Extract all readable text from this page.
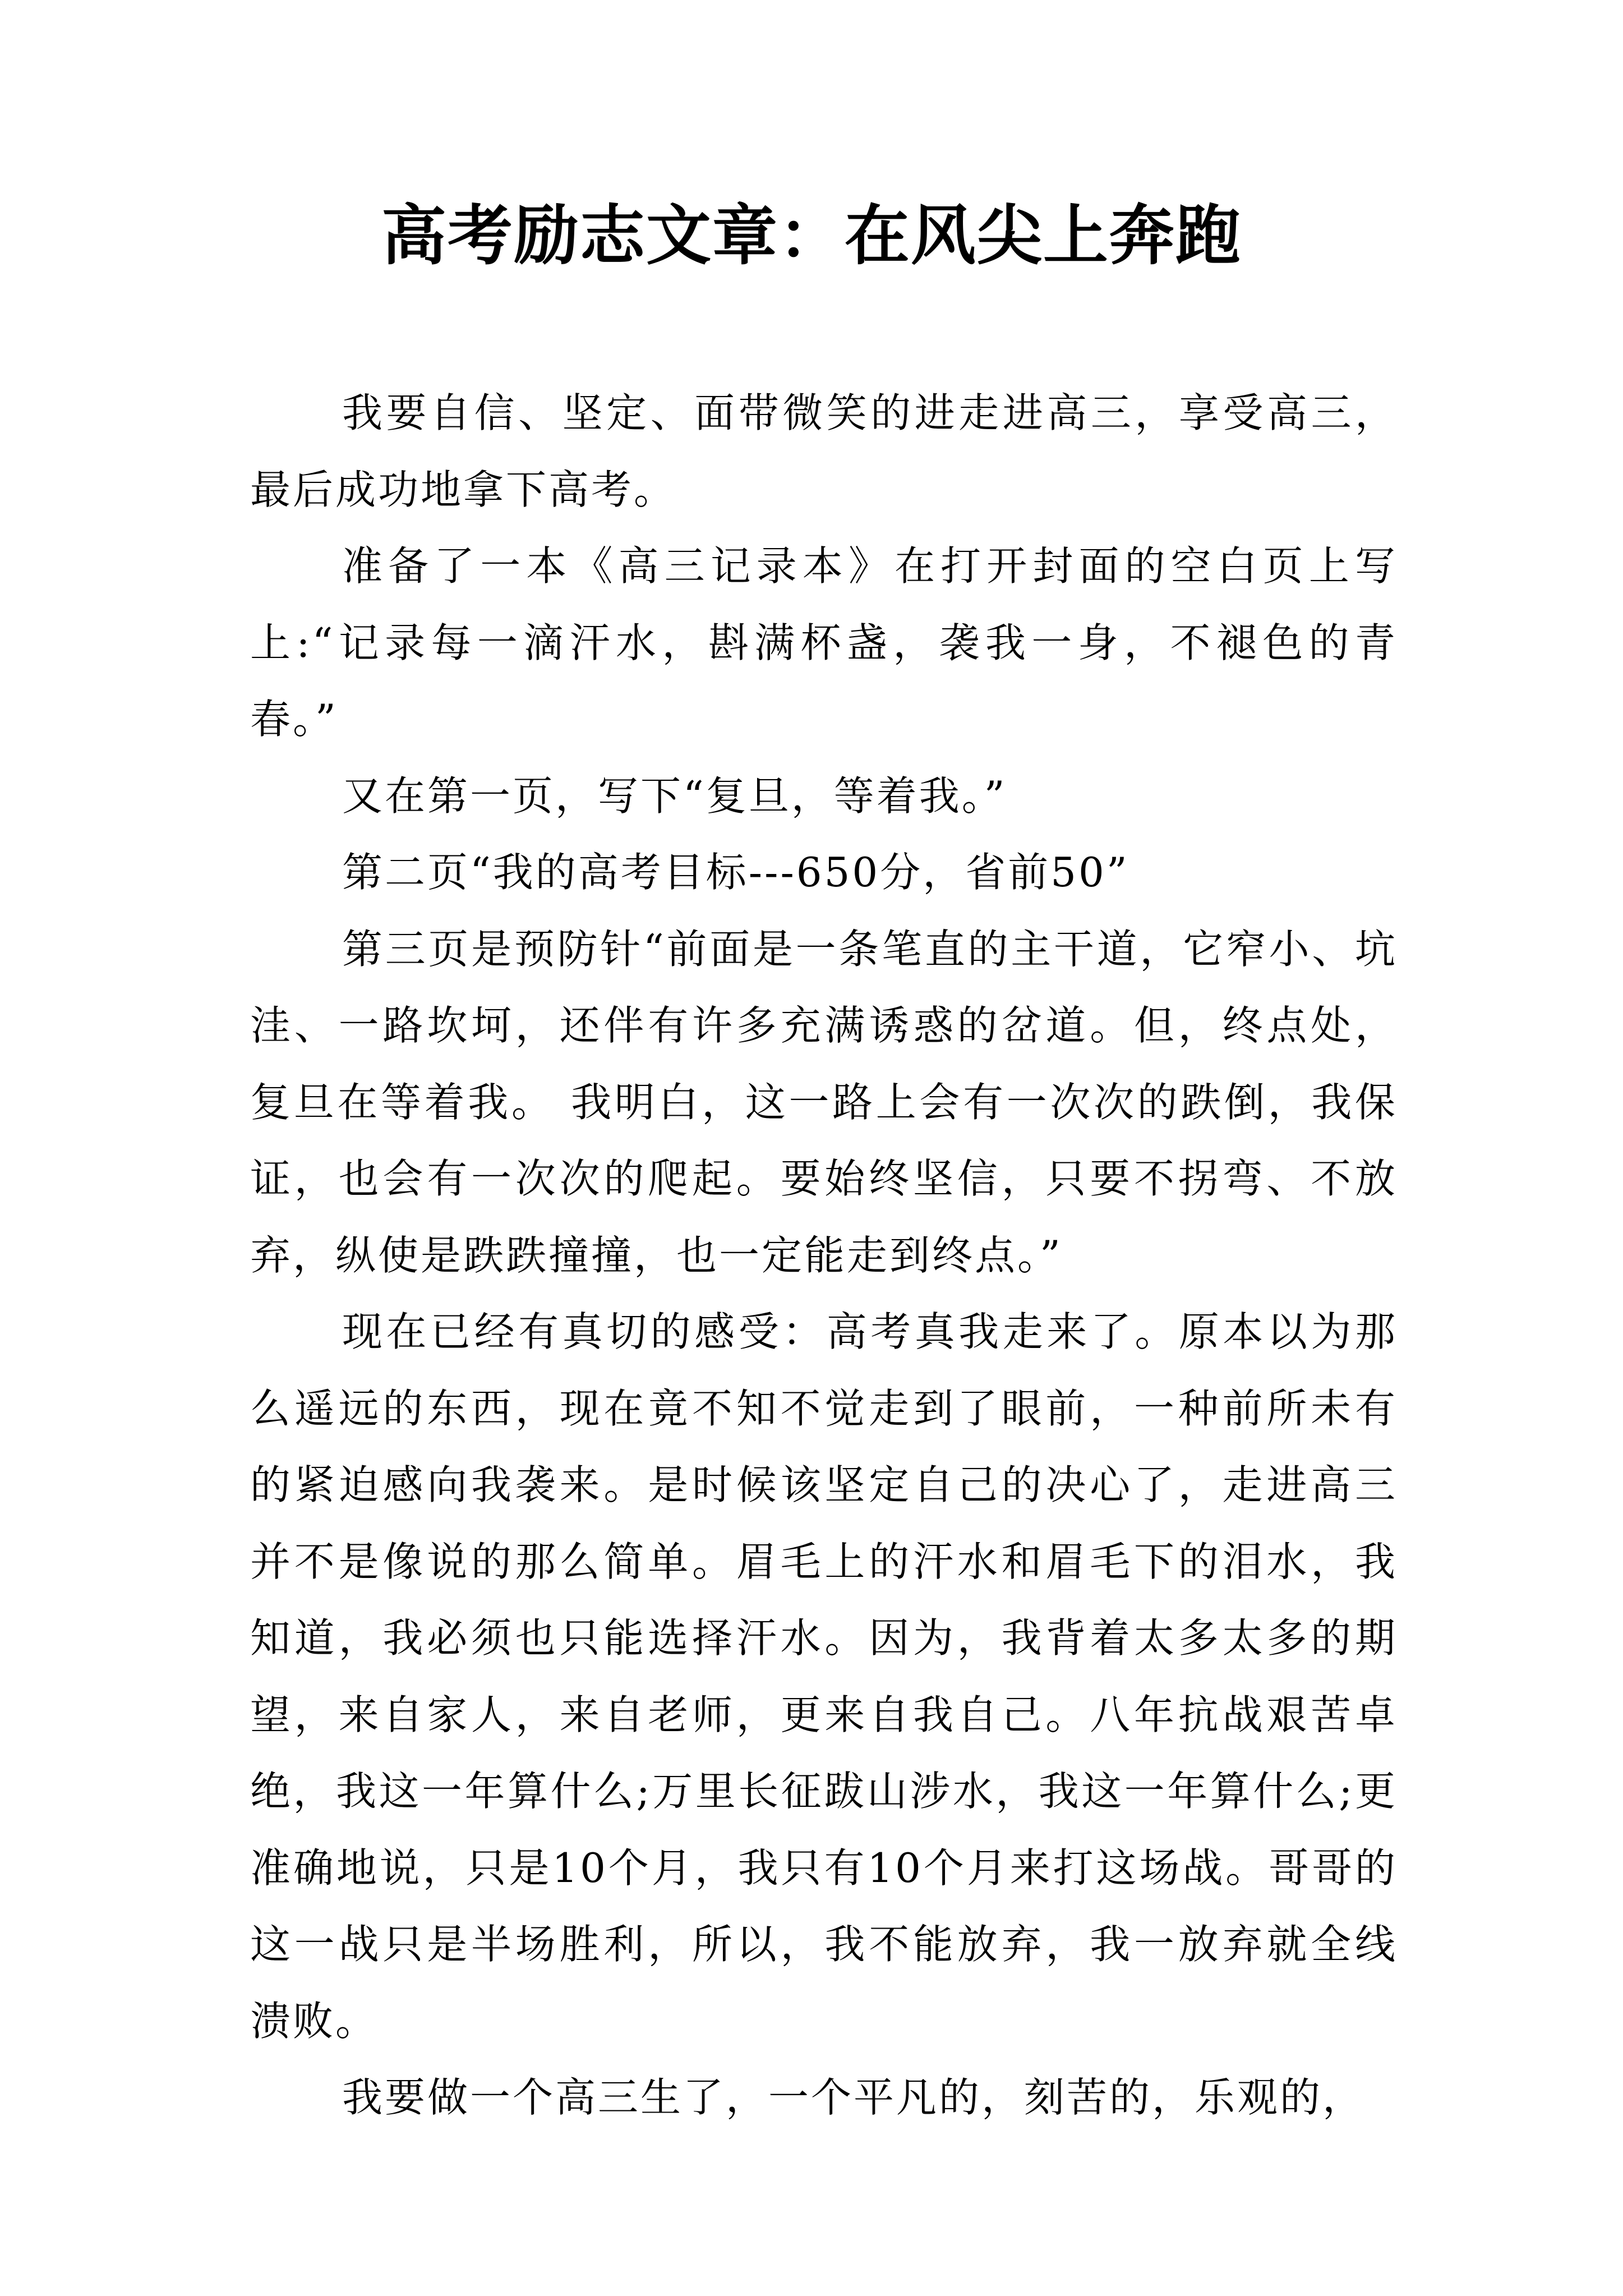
高考励志文章：在风尖上奔跑

我要自信、坚定、面带微笑的进走进高三，享受高三，最后成功地拿下高考。

准备了一本《高三记录本》在打开封面的空白页上写上:“记录每一滴汗水，斟满杯盏，袭我一身，不褪色的青春。”

又在第一页，写下“复旦，等着我。”

第二页“我的高考目标---650分，省前50”

第三页是预防针“前面是一条笔直的主干道，它窄小、坑洼、一路坎坷，还伴有许多充满诱惑的岔道。但，终点处，复旦在等着我。 我明白，这一路上会有一次次的跌倒，我保证，也会有一次次的爬起。要始终坚信，只要不拐弯、不放弃，纵使是跌跌撞撞，也一定能走到终点。”

现在已经有真切的感受：高考真我走来了。原本以为那么遥远的东西，现在竟不知不觉走到了眼前，一种前所未有的紧迫感向我袭来。是时候该坚定自己的决心了，走进高三并不是像说的那么简单。眉毛上的汗水和眉毛下的泪水，我知道，我必须也只能选择汗水。因为，我背着太多太多的期望，来自家人，来自老师，更来自我自己。八年抗战艰苦卓绝，我这一年算什么;万里长征跋山涉水，我这一年算什么;更准确地说，只是10个月，我只有10个月来打这场战。哥哥的这一战只是半场胜利，所以，我不能放弃，我一放弃就全线溃败。

我要做一个高三生了，一个平凡的，刻苦的，乐观的，
